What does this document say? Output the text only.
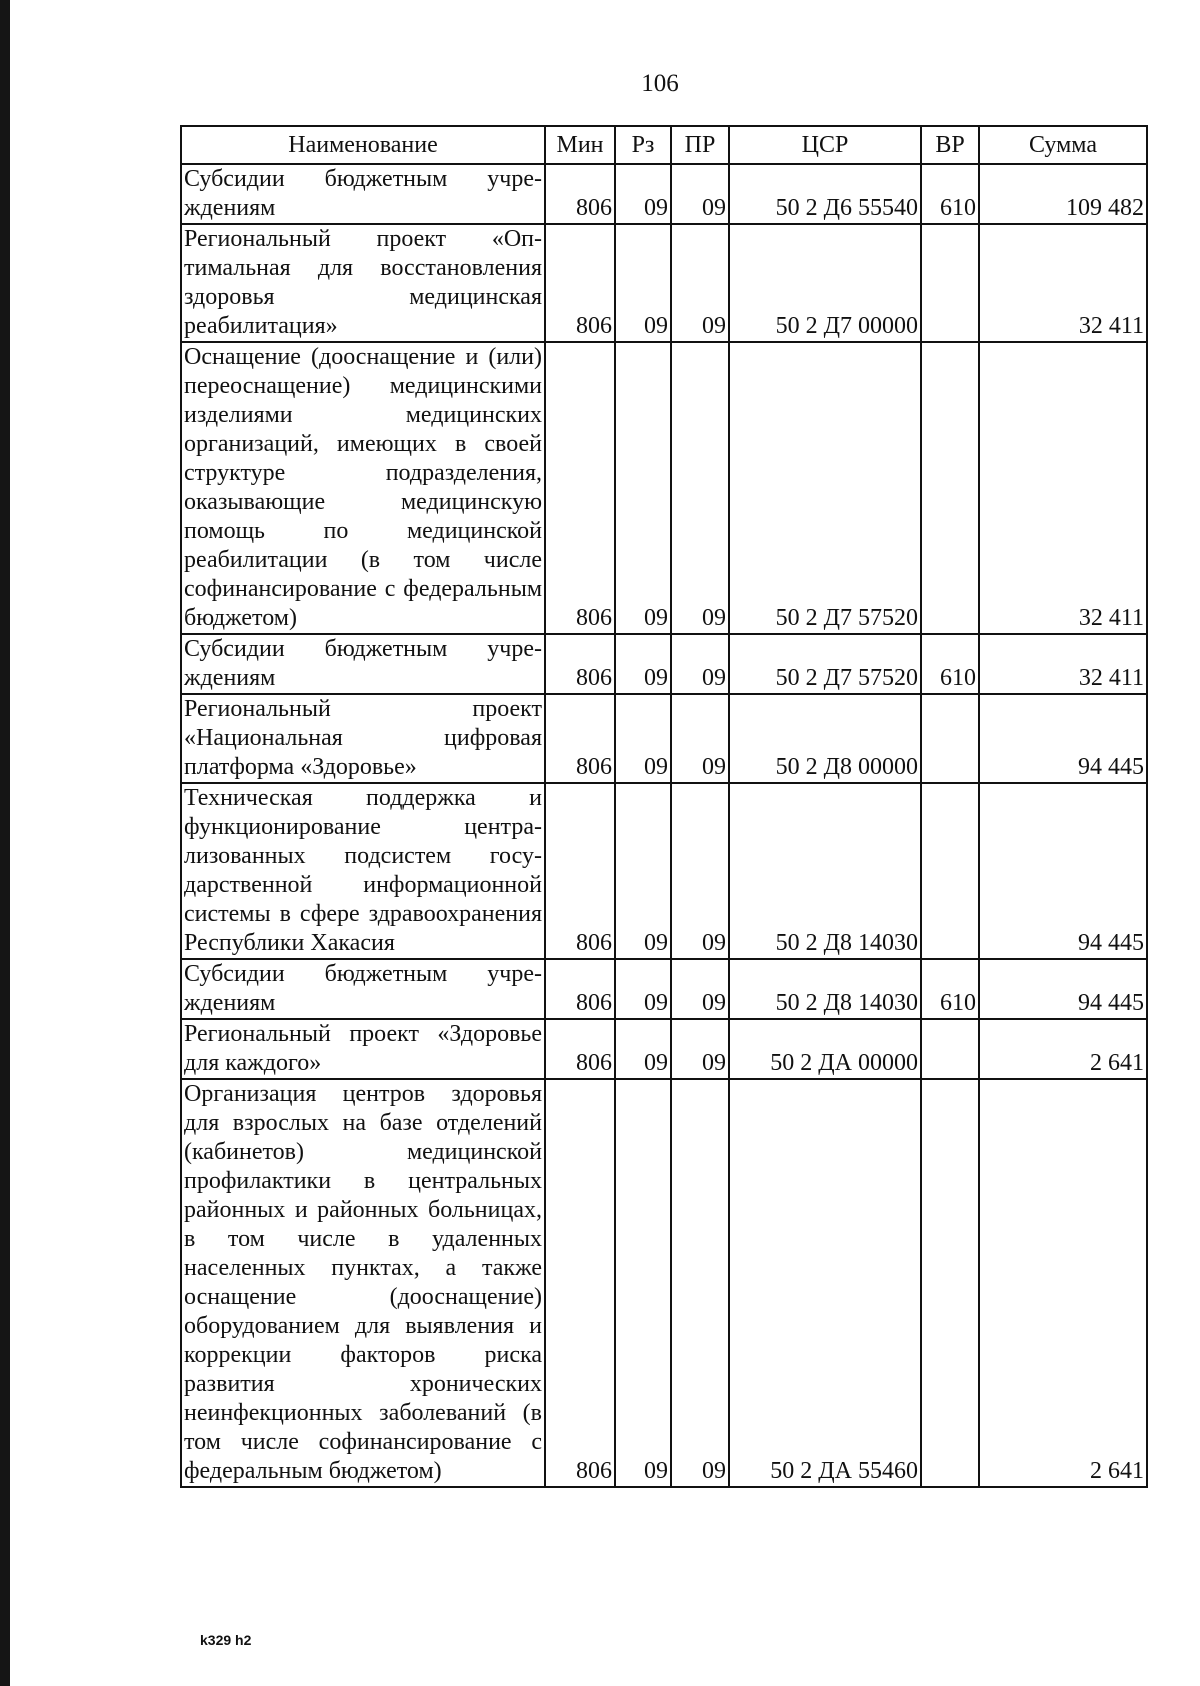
106
Наименование	Мин	Рз	ПР	ЦСР	ВР	Сумма
Субсидии бюджетным учреждениям	806	09	09	50 2 Д6 55540	610	109 482
Региональный проект «Оптимальная для восстановления здоровья медицинская реабилитация»	806	09	09	50 2 Д7 00000		32 411
Оснащение (дооснащение и (или) переоснащение) медицинскими изделиями медицинских организаций, имеющих в своей структуре подразделения, оказывающие медицинскую помощь по медицинской реабилитации (в том числе софинансирование с федеральным бюджетом)	806	09	09	50 2 Д7 57520		32 411
Субсидии бюджетным учреждениям	806	09	09	50 2 Д7 57520	610	32 411
Региональный проект «Национальная цифровая платформа «Здоровье»	806	09	09	50 2 Д8 00000		94 445
Техническая поддержка и функционирование централизованных подсистем государственной информационной системы в сфере здравоохранения Республики Хакасия	806	09	09	50 2 Д8 14030		94 445
Субсидии бюджетным учреждениям	806	09	09	50 2 Д8 14030	610	94 445
Региональный проект «Здоровье для каждого»	806	09	09	50 2 ДА 00000		2 641
Организация центров здоровья для взрослых на базе отделений (кабинетов) медицинской профилактики в центральных районных и районных больницах, в том числе в удаленных населенных пунктах, а также оснащение (дооснащение) оборудованием для выявления и коррекции факторов риска развития хронических неинфекционных заболеваний (в том числе софинансирование с федеральным бюджетом)	806	09	09	50 2 ДА 55460		2 641
k329 h2
